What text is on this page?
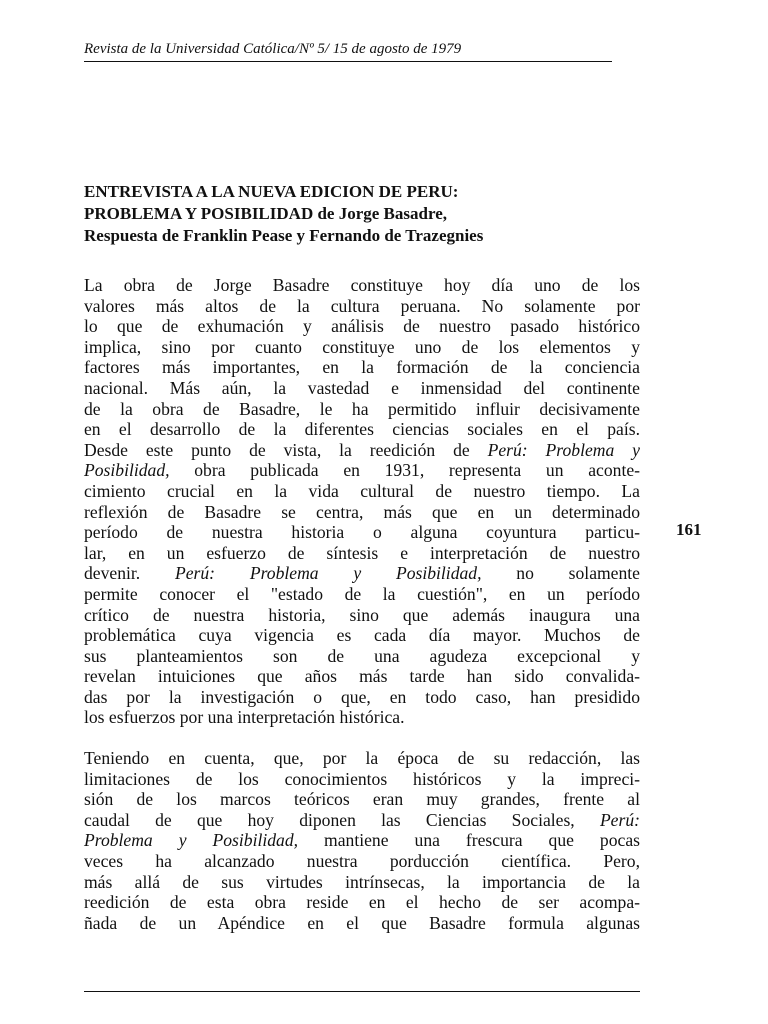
Revista de la Universidad Católica/Nº 5/ 15 de agosto de 1979
ENTREVISTA A LA NUEVA EDICION DE PERU:
PROBLEMA Y POSIBILIDAD de Jorge Basadre,
Respuesta de Franklin Pease y Fernando de Trazegnies
161

La obra de Jorge Basadre constituye hoy día uno de los
valores más altos de la cultura peruana. No solamente por
lo que de exhumación y análisis de nuestro pasado histórico
implica, sino por cuanto constituye uno de los elementos y
factores más importantes, en la formación de la conciencia
nacional. Más aún, la vastedad e inmensidad del continente
de la obra de Basadre, le ha permitido influir decisivamente
en el desarrollo de la diferentes ciencias sociales en el país.
Desde este punto de vista, la reedición de Perú: Problema y
Posibilidad, obra publicada en 1931, representa un aconte-
cimiento crucial en la vida cultural de nuestro tiempo. La
reflexión de Basadre se centra, más que en un determinado
período de nuestra historia o alguna coyuntura particu-
lar, en un esfuerzo de síntesis e interpretación de nuestro
devenir. Perú: Problema y Posibilidad, no solamente
permite conocer el "estado de la cuestión", en un período
crítico de nuestra historia, sino que además inaugura una
problemática cuya vigencia es cada día mayor. Muchos de
sus planteamientos son de una agudeza excepcional y
revelan intuiciones que años más tarde han sido convalida-
das por la investigación o que, en todo caso, han presidido
los esfuerzos por una interpretación histórica.

Teniendo en cuenta, que, por la época de su redacción, las
limitaciones de los conocimientos históricos y la impreci-
sión de los marcos teóricos eran muy grandes, frente al
caudal de que hoy diponen las Ciencias Sociales, Perú:
Problema y Posibilidad, mantiene una frescura que pocas
veces ha alcanzado nuestra porducción científica. Pero,
más allá de sus virtudes intrínsecas, la importancia de la
reedición de esta obra reside en el hecho de ser acompa-
ñada de un Apéndice en el que Basadre formula algunas
